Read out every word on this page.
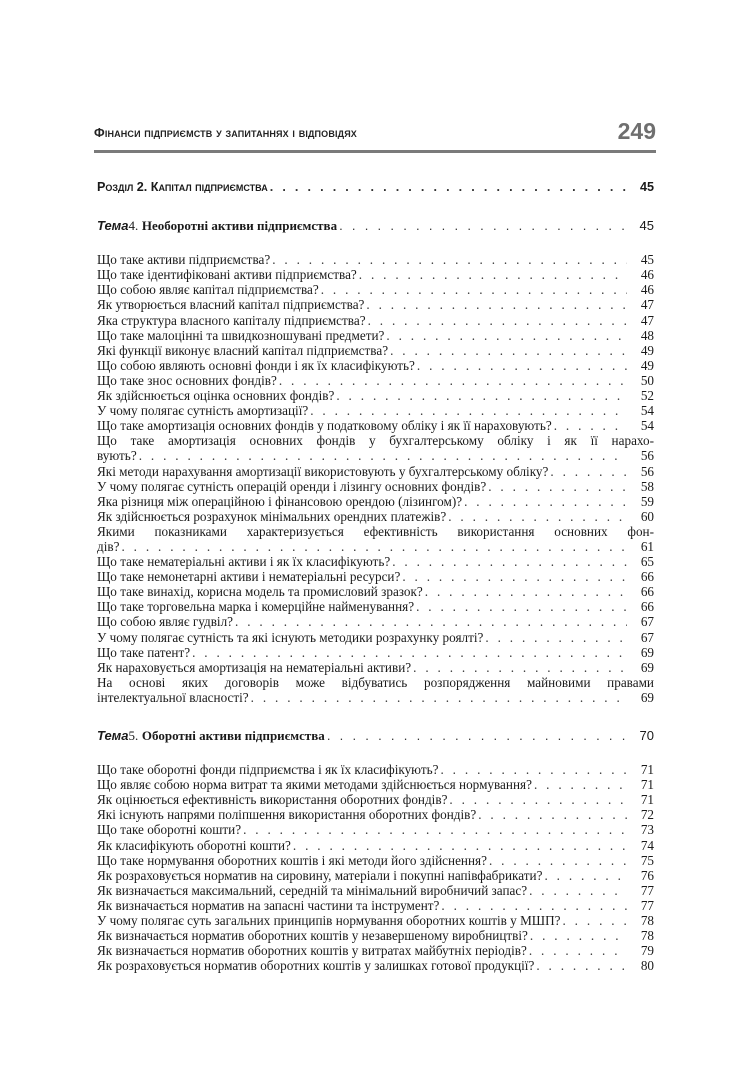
Фінанси підприємств у запитаннях і відповідях	249
Розділ 2. Капітал підприємства . . .	45
Тема4. Необоротні активи підприємства . . .	45
Що таке активи підприємства? . . .	45
Що таке ідентифіковані активи підприємства? . . .	46
Що собою являє капітал підприємства? . . .	46
Як утворюється власний капітал підприємства? . . .	47
Яка структура власного капіталу підприємства? . . .	47
Що таке малоцінні та швидкозношувані предмети? . . .	48
Які функції виконує власний капітал підприємства? . . .	49
Що собою являють основні фонди і як їх класифікують? . . .	49
Що таке знос основних фондів? . . .	50
Як здійснюється оцінка основних фондів? . . .	52
У чому полягає сутність амортизації? . . .	54
Що таке амортизація основних фондів у податковому обліку і як її нараховують? . . .	54
Що таке амортизація основних фондів у бухгалтерському обліку і як її нарахо-
вують? . . .	56
Які методи нарахування амортизації використовують у бухгалтерському обліку? . . .	56
У чому полягає сутність операцій оренди і лізингу основних фондів? . . .	58
Яка різниця між операційною і фінансовою орендою (лізингом)? . . .	59
Як здійснюється розрахунок мінімальних орендних платежів? . . .	60
Якими показниками характеризується ефективність використання основних фон-
дів? . . .	61
Що таке нематеріальні активи і як їх класифікують? . . .	65
Що таке немонетарні активи і нематеріальні ресурси? . . .	66
Що таке винахід, корисна модель та промисловий зразок? . . .	66
Що таке торговельна марка і комерційне найменування? . . .	66
Що собою являє гудвіл? . . .	67
У чому полягає сутність та які існують методики розрахунку роялті? . . .	67
Що таке патент? . . .	69
Як нараховується амортизація на нематеріальні активи? . . .	69
На основі яких договорів може відбуватись розпорядження майновими правами
інтелектуальної власності? . . .	69
Тема5. Оборотні активи підприємства . . .	70
Що таке оборотні фонди підприємства і як їх класифікують? . . .	71
Що являє собою норма витрат та якими методами здійснюється нормування? . . .	71
Як оцінюється ефективність використання оборотних фондів? . . .	71
Які існують напрями поліпшення використання оборотних фондів? . . .	72
Що таке оборотні кошти? . . .	73
Як класифікують оборотні кошти? . . .	74
Що таке нормування оборотних коштів і які методи його здійснення? . . .	75
Як розраховується норматив на сировину, матеріали і покупні напівфабрикати? . . .	76
Як визначається максимальний, середній та мінімальний виробничий запас? . . .	77
Як визначається норматив на запасні частини та інструмент? . . .	77
У чому полягає суть загальних принципів нормування оборотних коштів у МШП? . . .	78
Як визначається норматив оборотних коштів у незавершеному виробництві? . . .	78
Як визначається норматив оборотних коштів у витратах майбутніх періодів? . . .	79
Як розраховується норматив оборотних коштів у залишках готової продукції? . . .	80
